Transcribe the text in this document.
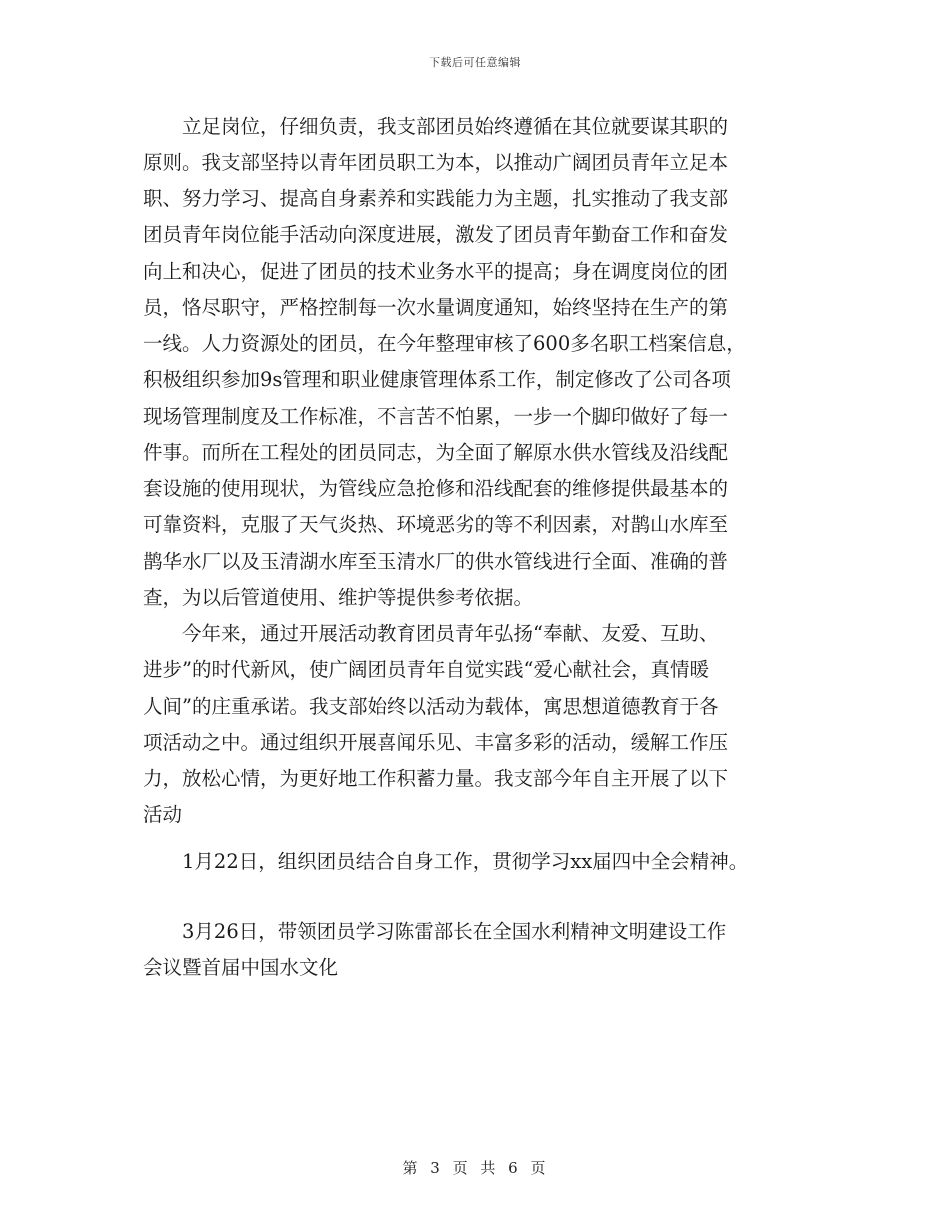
下载后可任意编辑
　　立足岗位，仔细负责，我支部团员始终遵循在其位就要谋其职的
原则。我支部坚持以青年团员职工为本，以推动广阔团员青年立足本
职、努力学习、提高自身素养和实践能力为主题，扎实推动了我支部
团员青年岗位能手活动向深度进展，激发了团员青年勤奋工作和奋发
向上和决心，促进了团员的技术业务水平的提高；身在调度岗位的团
员，恪尽职守，严格控制每一次水量调度通知，始终坚持在生产的第
一线。人力资源处的团员，在今年整理审核了600多名职工档案信息，
积极组织参加9s管理和职业健康管理体系工作，制定修改了公司各项
现场管理制度及工作标准，不言苦不怕累，一步一个脚印做好了每一
件事。而所在工程处的团员同志，为全面了解原水供水管线及沿线配
套设施的使用现状，为管线应急抢修和沿线配套的维修提供最基本的
可靠资料，克服了天气炎热、环境恶劣的等不利因素，对鹊山水库至
鹊华水厂以及玉清湖水库至玉清水厂的供水管线进行全面、准确的普
查，为以后管道使用、维护等提供参考依据。
　　今年来，通过开展活动教育团员青年弘扬“奉献、友爱、互助、
进步”的时代新风，使广阔团员青年自觉实践“爱心献社会，真情暖
人间”的庄重承诺。我支部始终以活动为载体，寓思想道德教育于各
项活动之中。通过组织开展喜闻乐见、丰富多彩的活动，缓解工作压
力，放松心情，为更好地工作积蓄力量。我支部今年自主开展了以下
活动
　　1月22日，组织团员结合自身工作，贯彻学习xx届四中全会精神。
　　3月26日，带领团员学习陈雷部长在全国水利精神文明建设工作
会议暨首届中国水文化
第 3 页 共 6 页
